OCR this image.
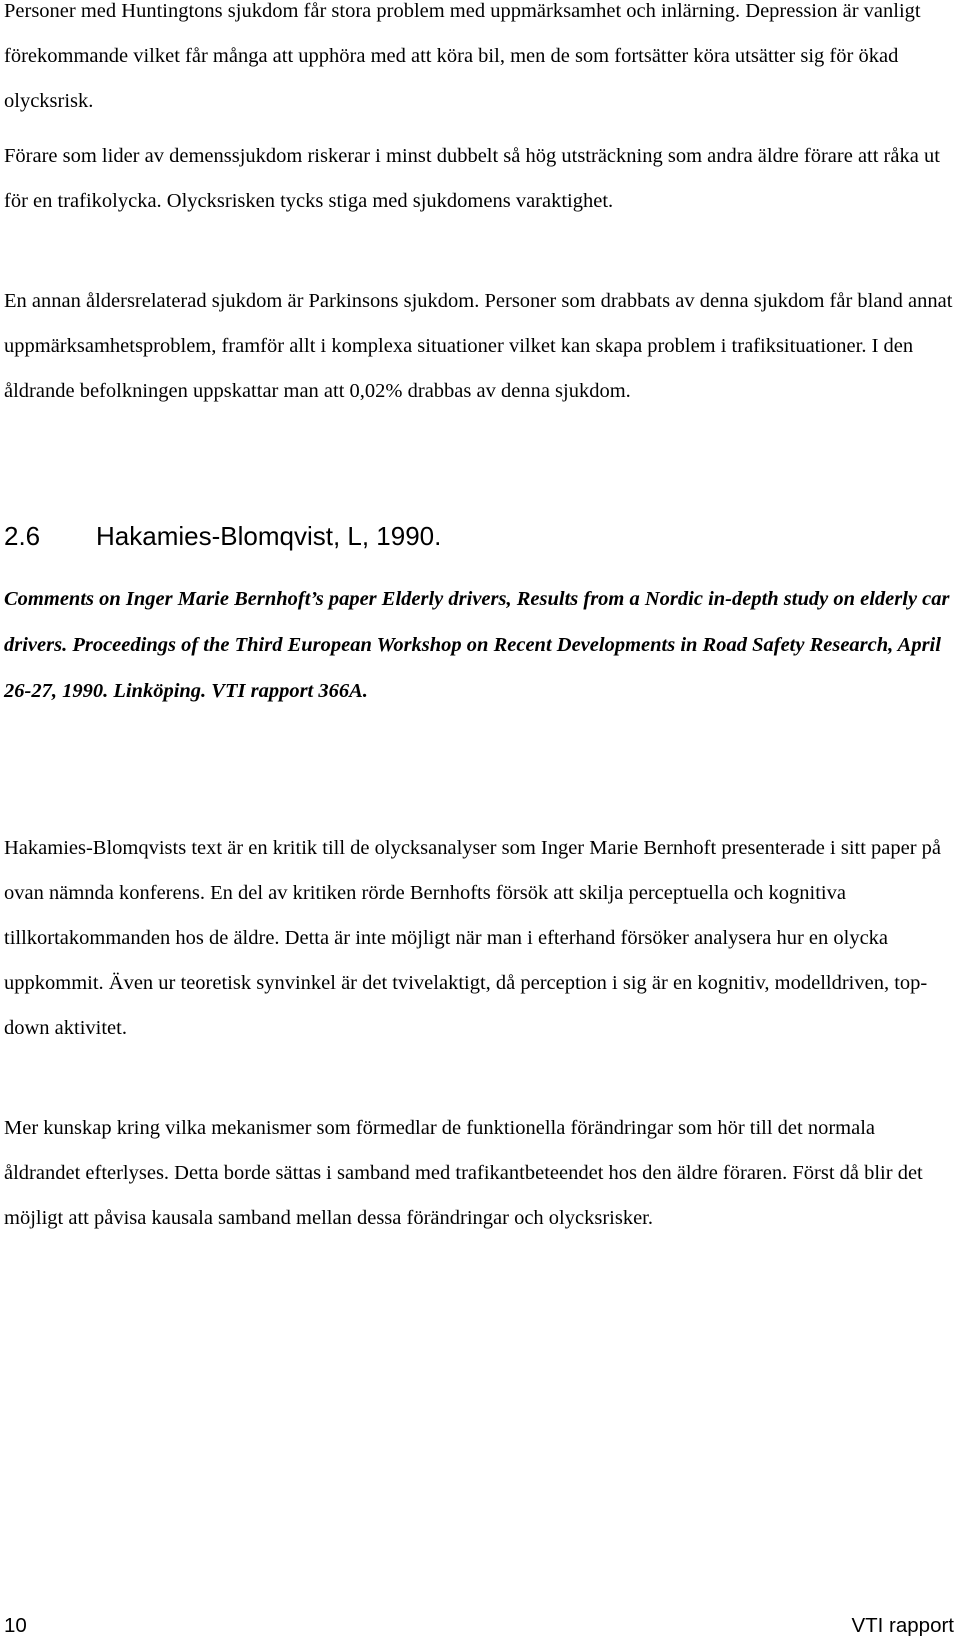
Personer med Huntingtons sjukdom får stora problem med uppmärksamhet och inlärning. Depression är vanligt förekommande vilket får många att upphöra med att köra bil, men de som fortsätter köra utsätter sig för ökad olycksrisk.

Förare som lider av demenssjukdom riskerar i minst dubbelt så hög utsträckning som andra äldre förare att råka ut för en trafikolycka. Olycksrisken tycks stiga med sjukdomens varaktighet.

En annan åldersrelaterad sjukdom är Parkinsons sjukdom. Personer som drabbats av denna sjukdom får bland annat uppmärksamhetsproblem, framför allt i komplexa situationer vilket kan skapa problem i trafiksituationer. I den åldrande befolkningen uppskattar man att 0,02% drabbas av denna sjukdom.

2.6 Hakamies-Blomqvist, L, 1990.

Comments on Inger Marie Bernhoft’s paper Elderly drivers, Results from a Nordic in-depth study on elderly car drivers. Proceedings of the Third European Workshop on Recent Developments in Road Safety Research, April 26-27, 1990. Linköping. VTI rapport 366A.

Hakamies-Blomqvists text är en kritik till de olycksanalyser som Inger Marie Bernhoft presenterade i sitt paper på ovan nämnda konferens. En del av kritiken rörde Bernhofts försök att skilja perceptuella och kognitiva tillkortakommanden hos de äldre. Detta är inte möjligt när man i efterhand försöker analysera hur en olycka uppkommit. Även ur teoretisk synvinkel är det tvivelaktigt, då perception i sig är en kognitiv, modelldriven, top-down aktivitet.

Mer kunskap kring vilka mekanismer som förmedlar de funktionella förändringar som hör till det normala åldrandet efterlyses. Detta borde sättas i samband med trafikantbeteendet hos den äldre föraren. Först då blir det möjligt att påvisa kausala samband mellan dessa förändringar och olycksrisker.

10	VTI rapport
